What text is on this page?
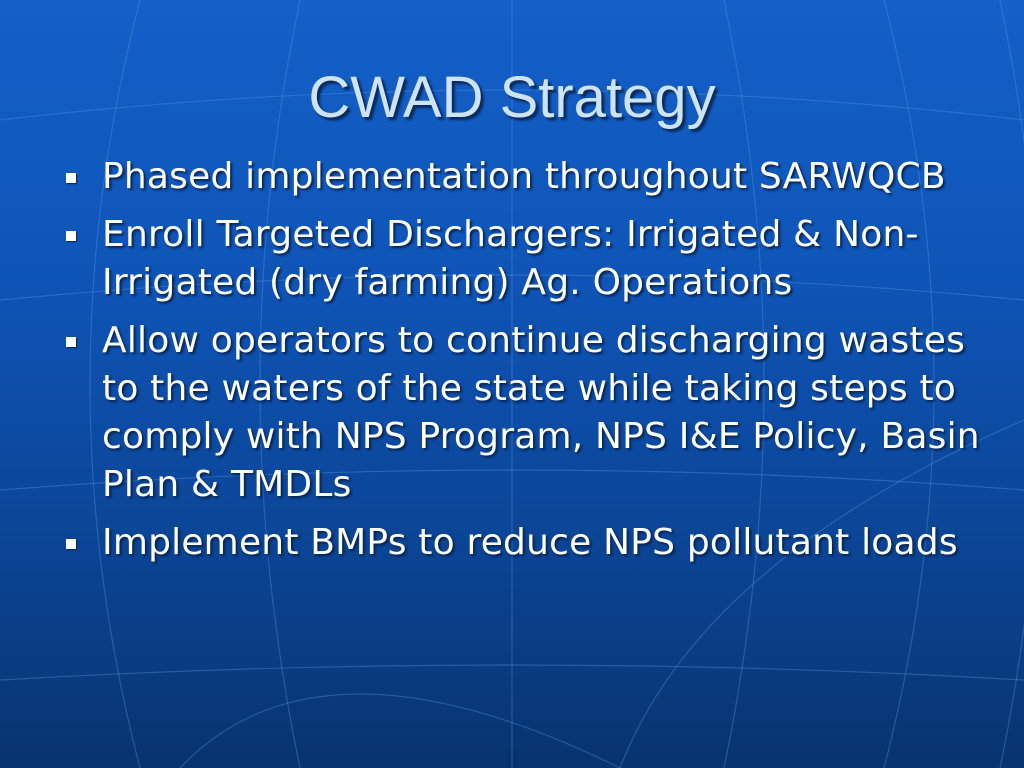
CWAD Strategy
Phased implementation throughout SARWQCB
Enroll Targeted Dischargers: Irrigated & Non-Irrigated (dry farming) Ag. Operations
Allow operators to continue discharging wastes to the waters of the state while taking steps to comply with NPS Program, NPS I&E Policy, Basin Plan & TMDLs
Implement BMPs to reduce NPS pollutant loads
